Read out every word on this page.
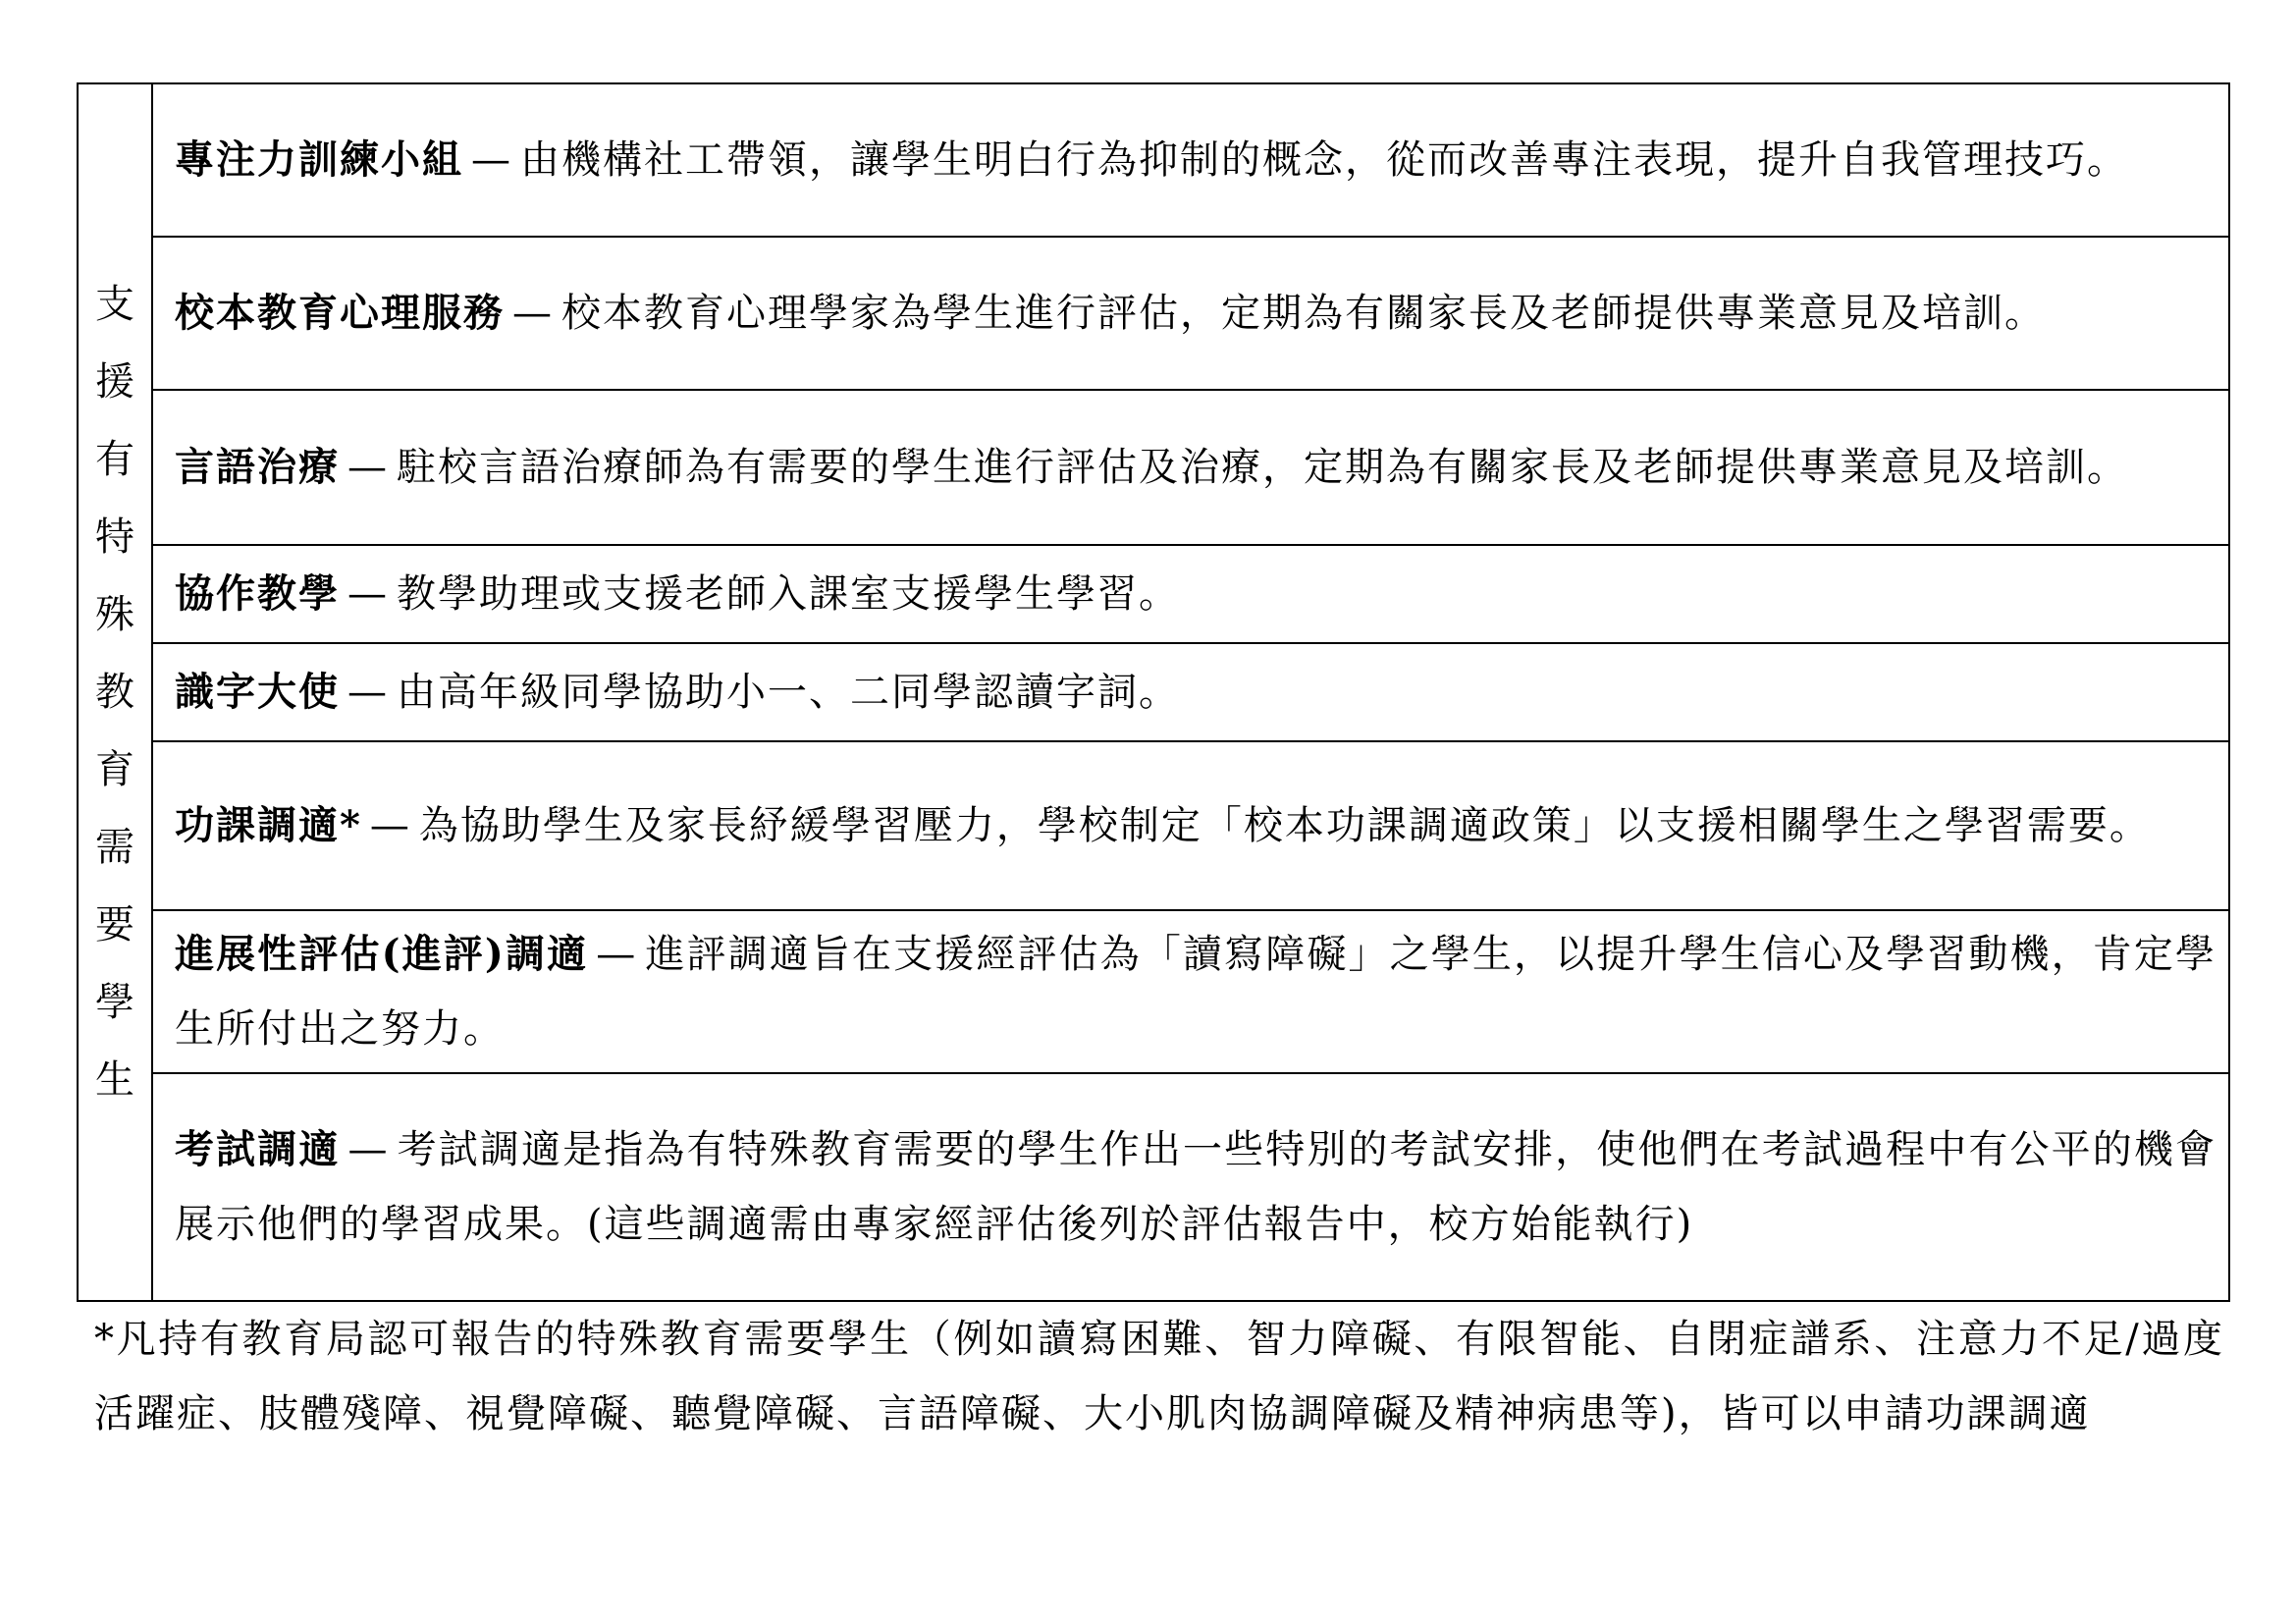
支
援
有
特
殊
教
育
需
要
學
生
	專注力訓練小組 — 由機構社工帶領，讓學生明白行為抑制的概念，從而改善專注表現，提升自我管理技巧。
校本教育心理服務 — 校本教育心理學家為學生進行評估，定期為有關家長及老師提供專業意見及培訓。
言語治療 — 駐校言語治療師為有需要的學生進行評估及治療，定期為有關家長及老師提供專業意見及培訓。
協作教學 — 教學助理或支援老師入課室支援學生學習。
識字大使 — 由高年級同學協助小一、二同學認讀字詞。
功課調適* — 為協助學生及家長紓緩學習壓力，學校制定「校本功課調適政策」以支援相關學生之學習需要。
進展性評估(進評)調適 — 進評調適旨在支援經評估為「讀寫障礙」之學生，以提升學生信心及學習動機，肯定學生所付出之努力。
考試調適 — 考試調適是指為有特殊教育需要的學生作出一些特別的考試安排，使他們在考試過程中有公平的機會展示他們的學習成果。(這些調適需由專家經評估後列於評估報告中，校方始能執行)
*凡持有教育局認可報告的特殊教育需要學生（例如讀寫困難、智力障礙、有限智能、自閉症譜系、注意力不足/過度活躍症、肢體殘障、視覺障礙、聽覺障礙、言語障礙、大小肌肉協調障礙及精神病患等)，皆可以申請功課調適
